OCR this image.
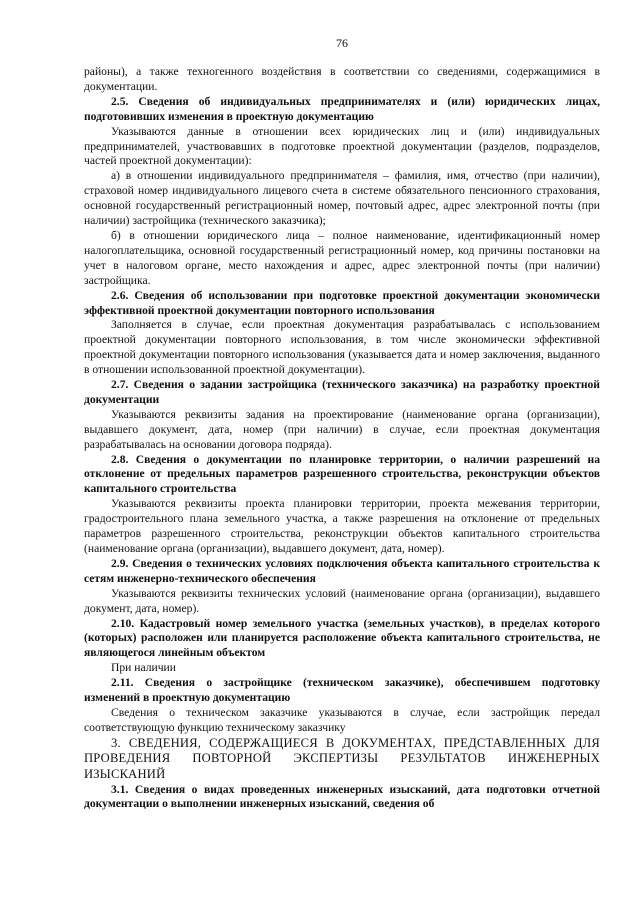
76

районы), а также техногенного воздействия в соответствии со сведениями, содержащимися в документации.

2.5. Сведения об индивидуальных предпринимателях и (или) юридических лицах, подготовивших изменения в проектную документацию

Указываются данные в отношении всех юридических лиц и (или) индивидуальных предпринимателей, участвовавших в подготовке проектной документации (разделов, подразделов, частей проектной документации):

а) в отношении индивидуального предпринимателя – фамилия, имя, отчество (при наличии), страховой номер индивидуального лицевого счета в системе обязательного пенсионного страхования, основной государственный регистрационный номер, почтовый адрес, адрес электронной почты (при наличии) застройщика (технического заказчика);

б) в отношении юридического лица – полное наименование, идентификационный номер налогоплательщика, основной государственный регистрационный номер, код причины постановки на учет в налоговом органе, место нахождения и адрес, адрес электронной почты (при наличии) застройщика.

2.6. Сведения об использовании при подготовке проектной документации экономически эффективной проектной документации повторного использования

Заполняется в случае, если проектная документация разрабатывалась с использованием проектной документации повторного использования, в том числе экономически эффективной проектной документации повторного использования (указывается дата и номер заключения, выданного в отношении использованной проектной документации).

2.7. Сведения о задании застройщика (технического заказчика) на разработку проектной документации

Указываются реквизиты задания на проектирование (наименование органа (организации), выдавшего документ, дата, номер (при наличии) в случае, если проектная документация разрабатывалась на основании договора подряда).

2.8. Сведения о документации по планировке территории, о наличии разрешений на отклонение от предельных параметров разрешенного строительства, реконструкции объектов капитального строительства

Указываются реквизиты проекта планировки территории, проекта межевания территории, градостроительного плана земельного участка, а также разрешения на отклонение от предельных параметров разрешенного строительства, реконструкции объектов капитального строительства (наименование органа (организации), выдавшего документ, дата, номер).

2.9. Сведения о технических условиях подключения объекта капитального строительства к сетям инженерно-технического обеспечения

Указываются реквизиты технических условий (наименование органа (организации), выдавшего документ, дата, номер).

2.10. Кадастровый номер земельного участка (земельных участков), в пределах которого (которых) расположен или планируется расположение объекта капитального строительства, не являющегося линейным объектом

При наличии

2.11. Сведения о застройщике (техническом заказчике), обеспечившем подготовку изменений в проектную документацию

Сведения о техническом заказчике указываются в случае, если застройщик передал соответствующую функцию техническому заказчику

3. СВЕДЕНИЯ, СОДЕРЖАЩИЕСЯ В ДОКУМЕНТАХ, ПРЕДСТАВЛЕННЫХ ДЛЯ ПРОВЕДЕНИЯ ПОВТОРНОЙ ЭКСПЕРТИЗЫ РЕЗУЛЬТАТОВ ИНЖЕНЕРНЫХ ИЗЫСКАНИЙ

3.1. Сведения о видах проведенных инженерных изысканий, дата подготовки отчетной документации о выполнении инженерных изысканий, сведения об
